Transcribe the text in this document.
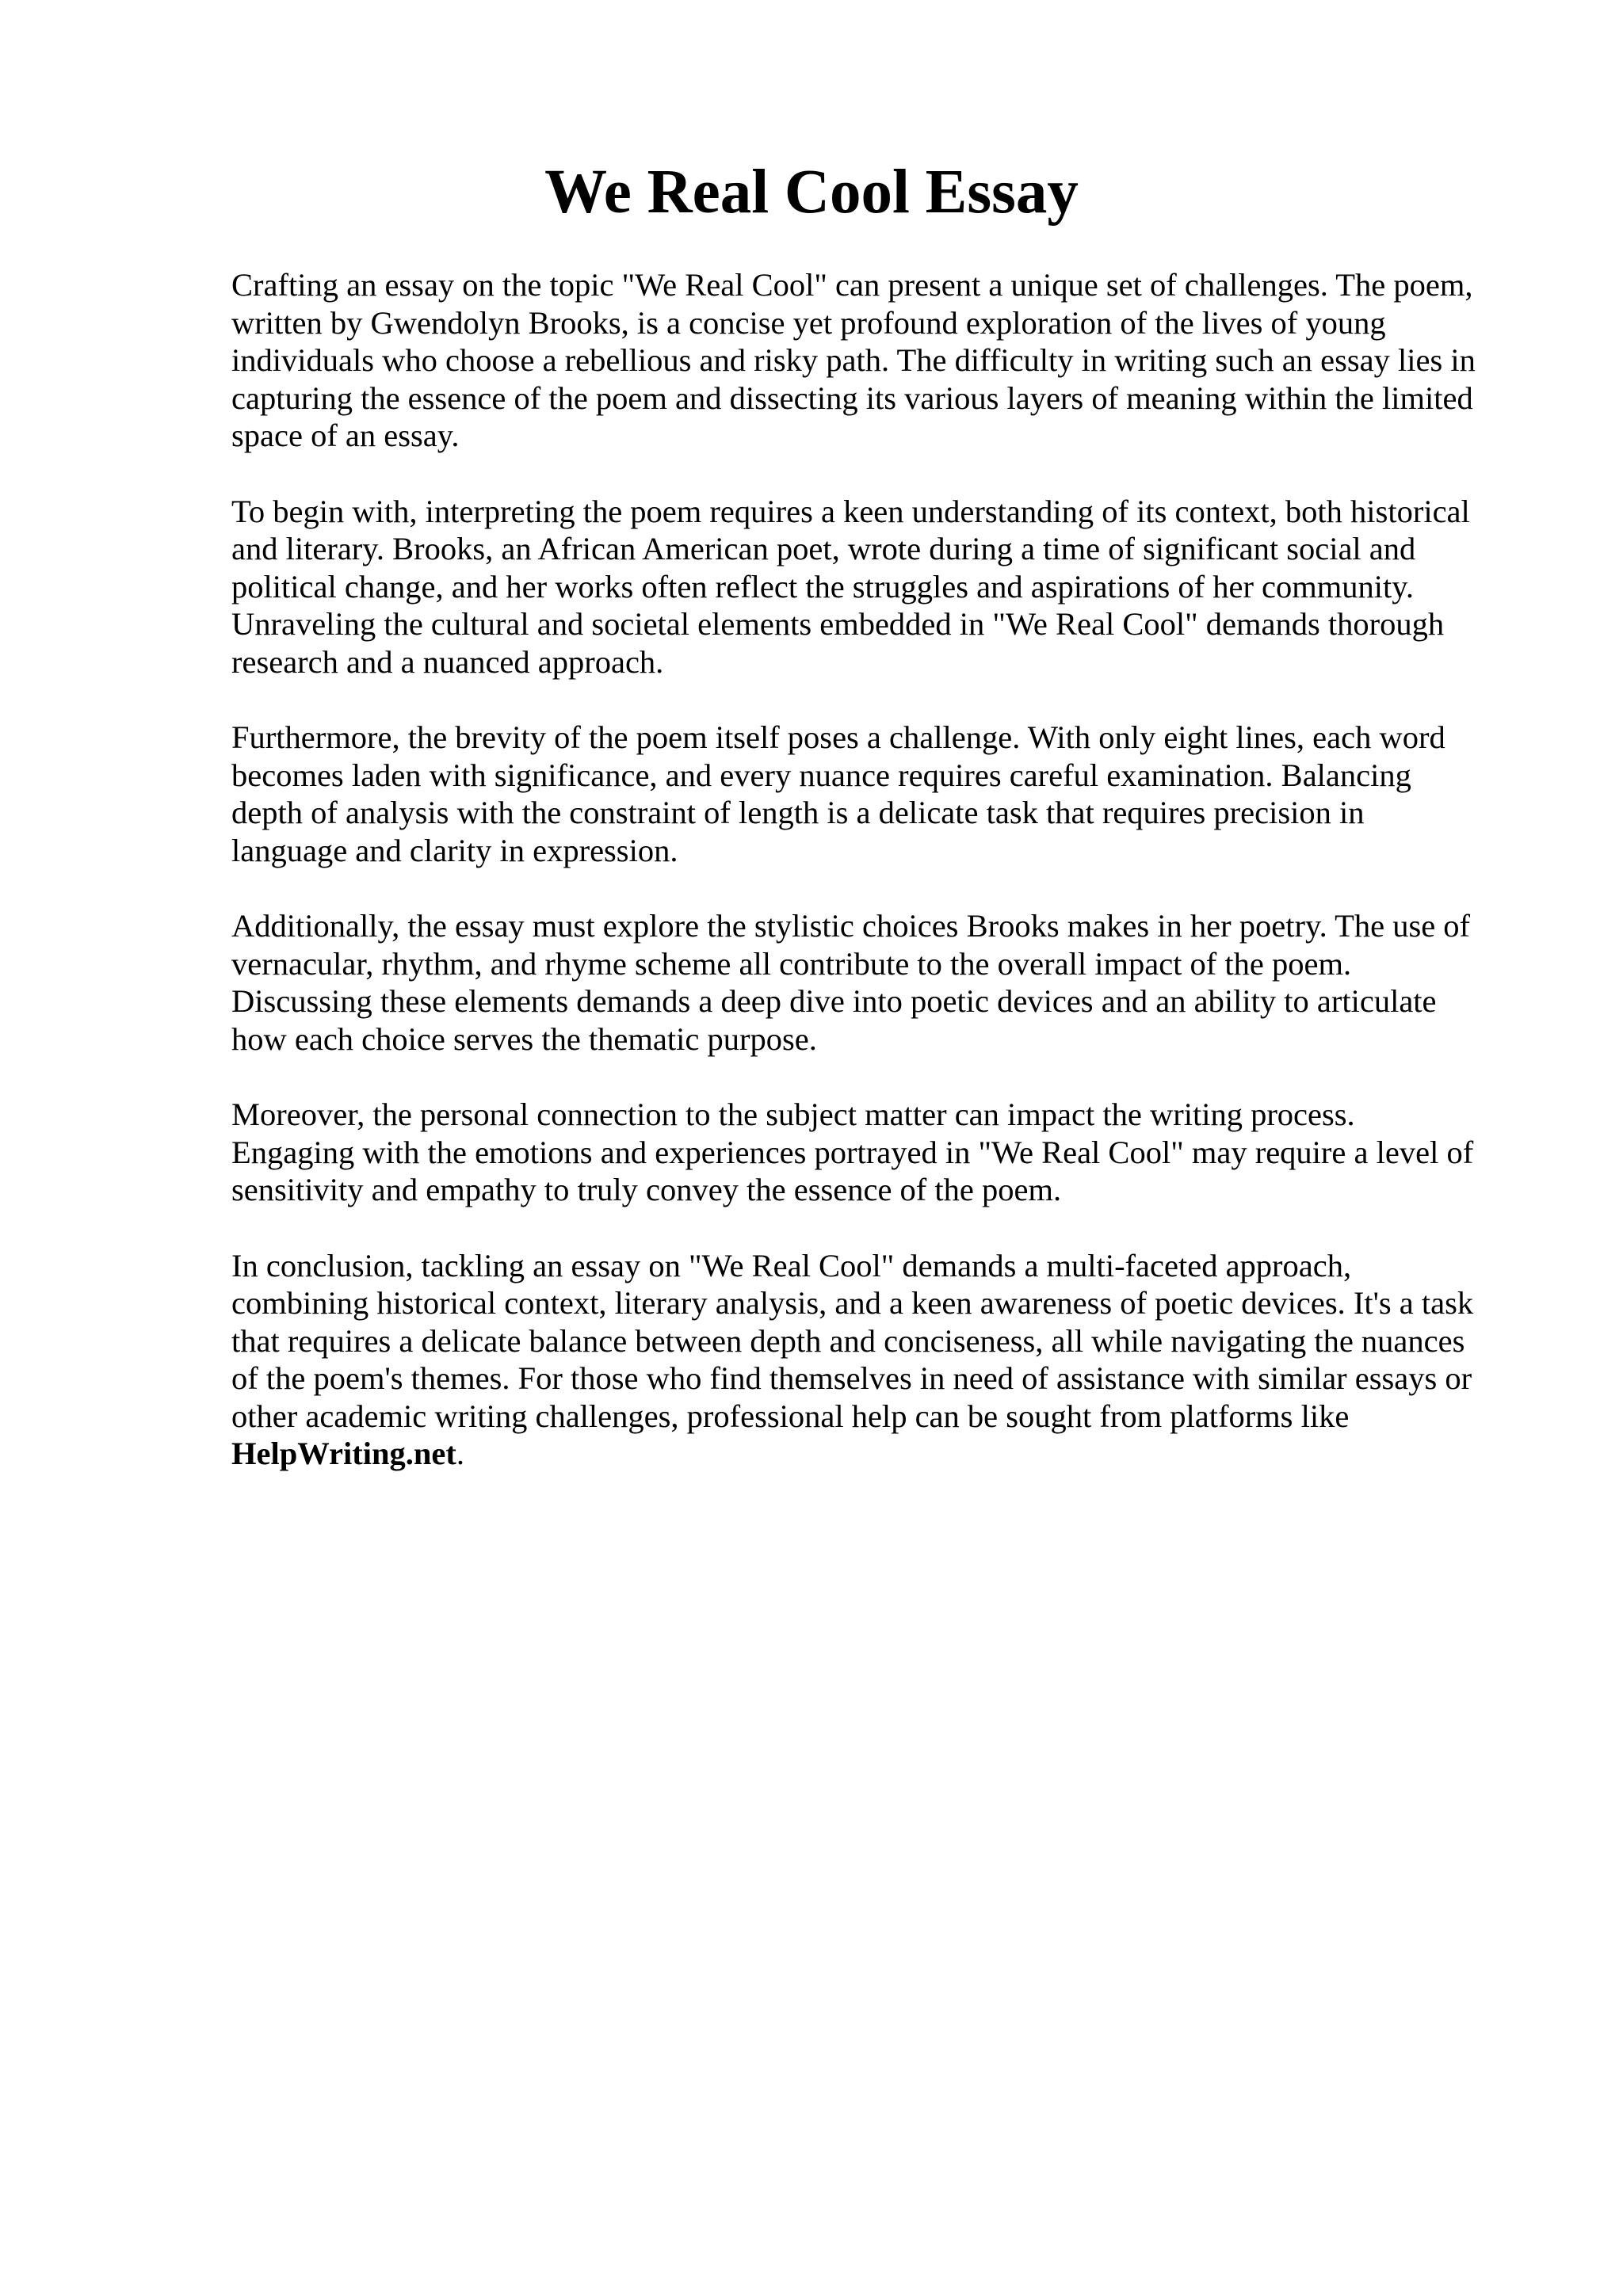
We Real Cool Essay

Crafting an essay on the topic "We Real Cool" can present a unique set of challenges. The poem,
written by Gwendolyn Brooks, is a concise yet profound exploration of the lives of young
individuals who choose a rebellious and risky path. The difficulty in writing such an essay lies in
capturing the essence of the poem and dissecting its various layers of meaning within the limited
space of an essay.

To begin with, interpreting the poem requires a keen understanding of its context, both historical
and literary. Brooks, an African American poet, wrote during a time of significant social and
political change, and her works often reflect the struggles and aspirations of her community.
Unraveling the cultural and societal elements embedded in "We Real Cool" demands thorough
research and a nuanced approach.

Furthermore, the brevity of the poem itself poses a challenge. With only eight lines, each word
becomes laden with significance, and every nuance requires careful examination. Balancing
depth of analysis with the constraint of length is a delicate task that requires precision in
language and clarity in expression.

Additionally, the essay must explore the stylistic choices Brooks makes in her poetry. The use of
vernacular, rhythm, and rhyme scheme all contribute to the overall impact of the poem.
Discussing these elements demands a deep dive into poetic devices and an ability to articulate
how each choice serves the thematic purpose.

Moreover, the personal connection to the subject matter can impact the writing process.
Engaging with the emotions and experiences portrayed in "We Real Cool" may require a level of
sensitivity and empathy to truly convey the essence of the poem.

In conclusion, tackling an essay on "We Real Cool" demands a multi-faceted approach,
combining historical context, literary analysis, and a keen awareness of poetic devices. It's a task
that requires a delicate balance between depth and conciseness, all while navigating the nuances
of the poem's themes. For those who find themselves in need of assistance with similar essays or
other academic writing challenges, professional help can be sought from platforms like
HelpWriting.net.
